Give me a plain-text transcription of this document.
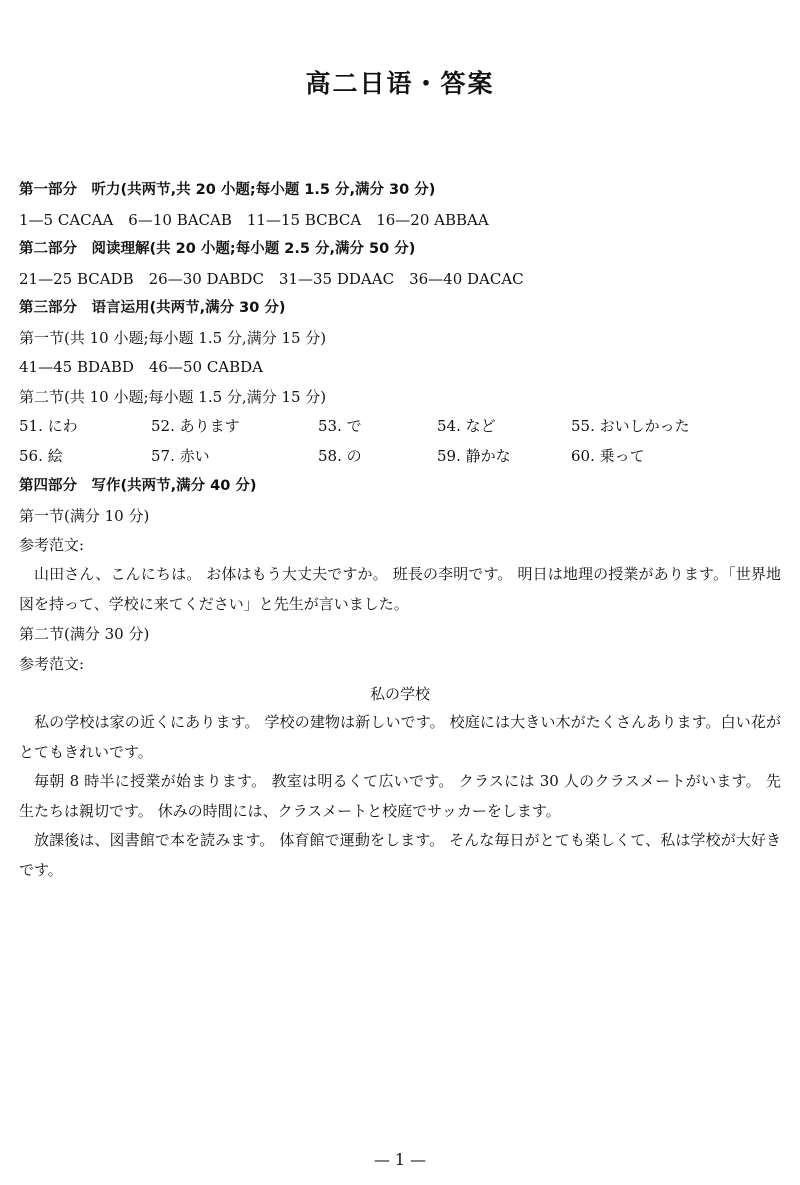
高二日语・答案
第一部分　听力(共两节,共 20 小题;每小题 1.5 分,满分 30 分)
1—5 CACAA　6—10 BACAB　11—15 BCBCA　16—20 ABBAA
第二部分　阅读理解(共 20 小题;每小题 2.5 分,满分 50 分)
21—25 BCADB　26—30 DABDC　31—35 DDAAC　36—40 DACAC
第三部分　语言运用(共两节,满分 30 分)
第一节(共 10 小题;每小题 1.5 分,满分 15 分)
41—45 BDABD　46—50 CABDA
第二节(共 10 小题;每小题 1.5 分,满分 15 分)
51. にわ	52. あります	53. で	54. など	55. おいしかった
56. 絵	57. 赤い	58. の	59. 静かな	60. 乗って
第四部分　写作(共两节,满分 40 分)
第一节(满分 10 分)
参考范文:
山田さん、こんにちは。 お体はもう大丈夫ですか。 班長の李明です。 明日は地理の授業があります。「世界地図を持って、学校に来てください」と先生が言いました。
第二节(满分 30 分)
参考范文:
私の学校
私の学校は家の近くにあります。 学校の建物は新しいです。 校庭には大きい木がたくさんあります。白い花がとてもきれいです。
毎朝 8 時半に授業が始まります。 教室は明るくて広いです。 クラスには 30 人のクラスメートがいます。 先生たちは親切です。 休みの時間には、クラスメートと校庭でサッカーをします。
放課後は、図書館で本を読みます。 体育館で運動をします。 そんな毎日がとても楽しくて、私は学校が大好きです。
— 1 —
